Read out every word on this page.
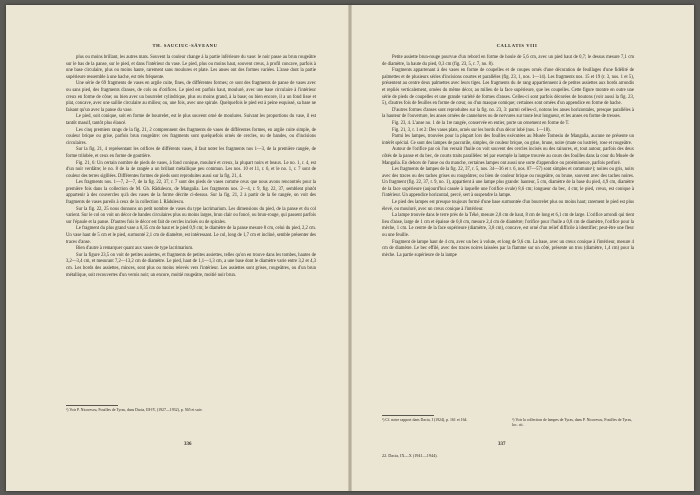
TH. SAUCIUC-SĂVEANU

plus ou moins brillant, les autres mats. Souvent la couleur change à la partie inférieure du vase: le noir passe au brun rougeâtre sur le bas de la panse, sur le pied, et dans l'intérieur du vase. Le pied, plus ou moins haut, souvent creux, à profil concave, parfois à une base circulaire, plus ou moins haute, rarement sans moulures et plate. Les anses ont des formes variées. L'anse dont la partie supérieure ressemble à une hache, est très fréquente.

Une série de 69 fragments de vases en argile cuite, fines, de différentes formes; ce sont des fragments de panse de vases avec ou sans pied, des fragments d'anses, de cols ou d'orifices. Le pied est parfois haut, mouluré, avec une base circulaire à l'intérieur creux en forme de cône; ou bien avec un bourrelet cylindrique, plus ou moins grand, à la base; ou bien encore, il a un fond lisse et plat, concave, avec une saillie circulaire au milieu; ou, une fois, avec une spirale. Quelquefois le pied est à peine esquissé, sa base ne faisant qu'un avec la panse du vase.

Le pied, soit conique, soit en forme de bourrelet, est le plus souvent orné de moulures. Suivant les proportions du vase, il est tantôt massif, tantôt plus élancé.

Les cinq premiers rangs de la fig. 21, 2 comprennent des fragments de vases de différentes formes, en argile cuite simple, de couleur brique ou grise, parfois brun rougeâtre: ces fragments sont quelquefois ornés de cercles, ou de bandes, ou d'incisions circulaires.

Sur la fig. 21, 4 représentant les orifices de différents vases, il faut noter les fragments nos 1—3, de la première rangée, de forme trilobée, et ceux en forme de gouttière.

Fig. 21, 6: Un certain nombre de pieds de vases, à fond conique, mouluré et creux, la plupart noirs et beaux. Le no. 1, r. 4, est d'un noir verdâtre; le no. 8 de la 4e rangée a un brillant métallique peu commun. Les nos. 10 et 11, r. 6, et le no. 1, r. 7 sont de couleur des terres sigillées. Différentes formes de pieds sont reproduites aussi sur la fig. 21, 4.

Les fragments nos. 1—7, 2—7, de la fig. 22, 37, r. 7 sont des pieds de vases comme ceux que nous avons rencontrés pour la première fois dans la collection de M. Gh. Rădulescu, de Mangalia. Les fragments nos. 2—4, r. 9, fig. 22, 37, semblent plutôt appartenir à des couvercles qu'à des vases de la forme décrite ci-dessus. Sur la fig. 21, 2 à partir de la 6e rangée, on voit des fragments de vases pareils à ceux de la collection I. Rădulescu.

Sur la fig. 22, 25 nous donnons un petit nombre de vases du type lacrimarium. Les dimensions du pied, de la panse et du col varient. Sur le col on voit un décor de bandes circulaires plus ou moins larges, brun clair ou foncé, ou brun-rouge, qui passent parfois sur l'épaule et la panse. D'autres fois le décor est fait de cercles incisés ou de spirales.

Le fragment du plus grand vase a 0,35 cm de haut et le pied 0,9 cm; le diamètre de la panse mesure 8 cm, celui du pied, 2,2 cm. Un vase haut de 5 cm et le pied, surmonté 2,1 cm de diamètre, est intéressant. Le col, long de 1,7 cm et incliné, semble présenter des traces d'anse.

Bien d'autre à remarquer quant aux vases de type lacrimarium.

Sur la figure 23,5 on voit de petites assiettes, et fragments de petites assiettes, telles qu'on en trouve dans les tombes, hautes de 3,2—3,4 cm, et mesurant 7,2—13,2 cm de diamètre. Le pied, haut de 1,1—1,3 cm, a une base dont le diamètre varie entre 3,2 et 4,3 cm. Les bords des assiettes, minces, sont plus ou moins relevés vers l'intérieur. Les assiettes sont grises, rougeâtres, ou d'un brun métallique, soit recouvertes d'un vernis noir; un encore, moitié rougeâtre, moitié noir brun.

¹) Voir P. Nicorescu, Fouilles de Tyras, dans Dacia, III-IV, (1927—1932), p. 565 et suiv.
336
CALLATIS VIII

Petite assiette brun-rouge pourvue d'un rebord en forme de houle de 5,6 cm, avec un pied haut de 0,7; le dessus mesure 7,1 cm de diamètre, la haute du pied, 0,3 cm (fig. 23, 5, r. 7, no. 8).

Fragments appartenant à des vases en forme de coupelles et de coupes ornés d'une décoration de feuillages d'une fidélité de palmettes et de plusieurs séries d'incisions courtes et parallèles (fig. 23, 1, nos. 1—14). Les fragments nos. 15 et 19 (r. 3, nos. 1 et 5), présentent au centre deux palmettes avec leurs tiges. Les fragments du 4e rang appartiennent à de petites assiettes aux bords arrondis et repliés verticalement, ornées du même décor, au milieu de la face supérieure, que les coupelles. Cette figure montre en outre une série de pieds de coupelles et une grande variété de formes d'anses. Celles-ci sont parfois décorées de boutons (voir aussi la fig. 23, 5), d'autres fois de feuilles en forme de cœur, ou d'un masque comique; certaines sont ornées d'un appendice en forme de hache.

D'autres formes d'anses sont reproduites sur la fig. no. 23, 3: parmi celles-ci, notons les anses horizontales, presque parallèles à la hauteur de l'ouverture, les anses ornées de cannelures ou de nervures sur toute leur longueur, et les anses en forme de tresses.

Fig. 23, 4. L'anse no. 1 de la 1re rangée, conservée en entier, porte un ornement en forme de T.

Fig. 21, 3, r. 1 et 2: Des vases plats, ornés sur les bords d'un décor lobé (nos. 1—18).

Parmi les lampes, trouvées pour la plupart lors des fouilles exécutées au Musée Tomesiu de Mangalia, aucune ne présente un intérêt spécial. Ce sont des lampes de paccutile, simples, de couleur brique, ou grise, brune, noire (mate ou lustrée), rose et rougeâtre.

Autour de l'orifice par où l'on versait l'huile on voit souvent des cercles incisés ou des rainures, et, tout autour, parfois des deux côtés de la panse et du bec, de courts traits parallèles: tel par exemple la lampe trouvée au cours des fouilles dans la cour du Musée de Mangalia. En dehors de l'anse ou du manche, certaines lampes ont aussi une sorte d'appendice ou proéminence, parfois perforé.

Les fragments de lampes de la fig. 22, 37, r. 5, nos. 34—36 et r. 6, nos. 07—57) sont simples et communs¹); noires ou gris, noirs avec des traces ou des taches grises ou rougeâtres; ou bien de couleur brique ou rougeâtre, ou brune, souvent avec des taches noires. Un fragment (fig. 22, 37, r. 9, no. 1), appartient à une lampe plus grande: hauteur, 5 cm, diamètre de la base du pied, 4,9 cm, diamètre de la face supérieure (aujourd'hui cassée à laquelle une l'orifice ovale) 8,6 cm; longueur du bec, 4 cm; le pied, creux, est conique à l'intérieur. Un appendice horizontal, percé, sert à suspendre la lampe.

Le pied des lampes est presque toujours formé d'une base surmontée d'un bourrelet plus ou moins haut; rarement le pied est plus élevé, ou mouluré, avec un creux conique à l'intérieur.

La lampe trouvée dans le terre près de la Tékè, mesure 2,8 cm de haut, 8 cm de long et 6,1 cm de large. L'orifice arrondi qui tient lieu d'anse, large de 1 cm et épaisse de 0,8 cm, mesure 2,4 cm de diamètre; l'orifice pour l'huile a 0,8 cm de diamètre, l'orifice pour la mèche, 1 cm. Le centre de la face supérieure (diamètre, 3,8 cm), concave, est orné d'un relief difficile à identifier; peut-être une fleur ou une feuille.

Fragment de lampe haut de 4 cm, avec un bec à volute, et long de 9,6 cm. La base, avec un creux conique à l'intérieur, mesure 4 cm de diamètre. Le bec effilé, avec des traces noires laissées par la flamme sur un côté, présente un trou (diamètre, 1,4 cm) pour la mèche. La partie supérieure de la lampe

¹) Cf. notre rapport dans Dacia, I (1924), p. 161 et 164.	¹) Voir la collection de lampes de Tyras, dans P. Nicorescu, Fouilles de Tyras, loc. cit.
337
22. Dacia, IX—X (1941—1944).
